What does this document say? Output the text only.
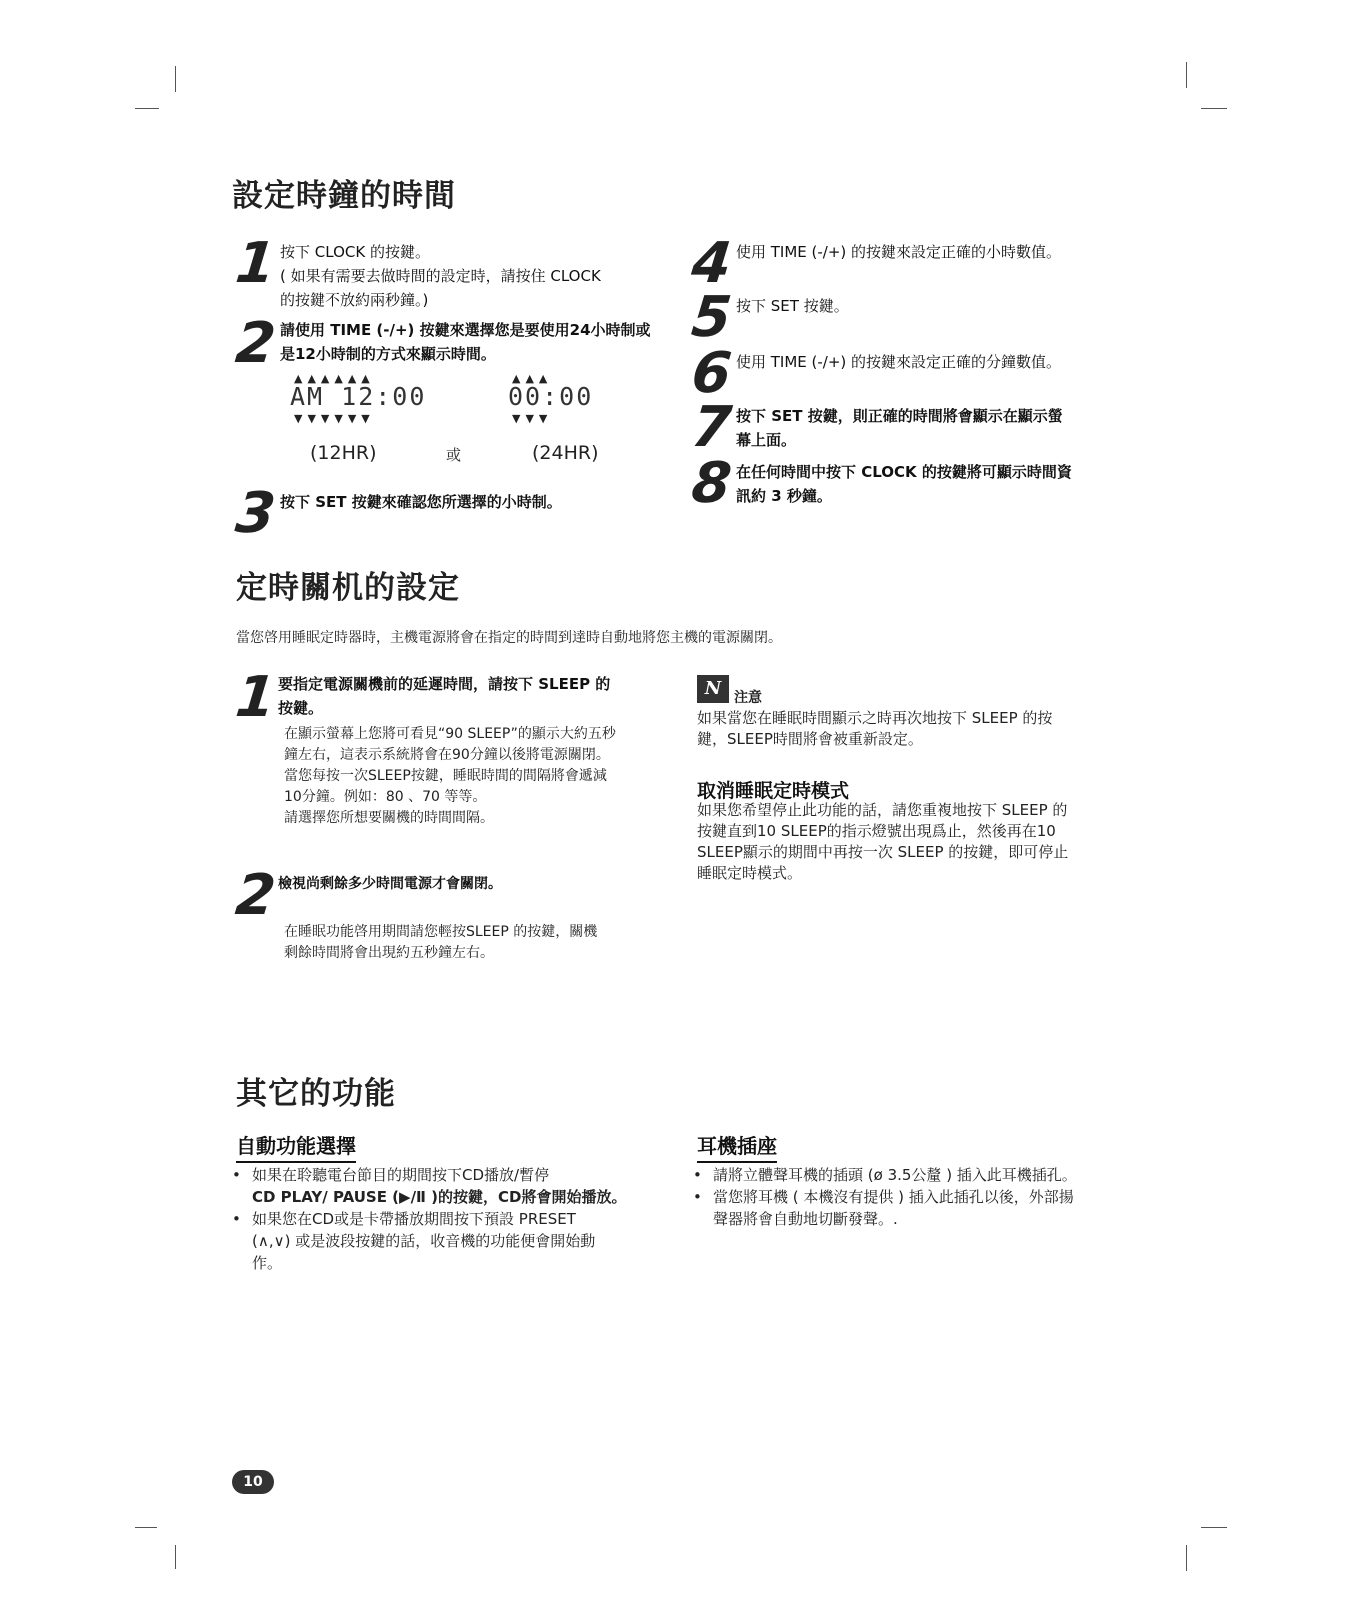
設定時鐘的時間
1 按下 CLOCK 的按鍵。
( 如果有需要去做時間的設定時，請按住 CLOCK
的按鍵不放約兩秒鐘。)
2 請使用 TIME (-/+) 按鍵來選擇您是要使用24小時制或
是12小時制的方式來顯示時間。
▲▲▲▲▲▲
AM 12:00
▼▼▼▼▼▼
▲▲▲
00:00
▼▼▼
(12HR)	或	(24HR)
3 按下 SET 按鍵來確認您所選擇的小時制。
4 使用 TIME (-/+) 的按鍵來設定正確的小時數值。
5 按下 SET 按鍵。
6 使用 TIME (-/+) 的按鍵來設定正確的分鐘數值。
7 按下 SET 按鍵，則正確的時間將會顯示在顯示螢
幕上面。
8 在任何時間中按下 CLOCK 的按鍵將可顯示時間資
訊約 3 秒鐘。
定時關机的設定
當您啓用睡眠定時器時，主機電源將會在指定的時間到達時自動地將您主機的電源關閉。
1 要指定電源關機前的延遲時間，請按下 SLEEP 的
按鍵。
在顯示螢幕上您將可看見“90 SLEEP”的顯示大約五秒
鐘左右，這表示系統將會在90分鐘以後將電源關閉。
當您每按一次SLEEP按鍵，睡眠時間的間隔將會遞減
10分鐘。例如：80 、70 等等。
請選擇您所想要關機的時間間隔。
2 檢視尚剩餘多少時間電源才會關閉。
在睡眠功能啓用期間請您輕按SLEEP 的按鍵，關機
剩餘時間將會出現約五秒鐘左右。
N 注意
如果當您在睡眠時間顯示之時再次地按下 SLEEP 的按
鍵，SLEEP時間將會被重新設定。
取消睡眠定時模式
如果您希望停止此功能的話，請您重複地按下 SLEEP 的
按鍵直到10 SLEEP的指示燈號出現爲止，然後再在10
SLEEP顯示的期間中再按一次 SLEEP 的按鍵，即可停止
睡眠定時模式。
其它的功能
自動功能選擇
• 如果在聆聽電台節目的期間按下CD播放/暫停
CD PLAY/ PAUSE (▶/Ⅱ )的按鍵，CD將會開始播放。
• 如果您在CD或是卡帶播放期間按下預設 PRESET
(∧,∨) 或是波段按鍵的話，收音機的功能便會開始動
作。
耳機插座
• 請將立體聲耳機的插頭 (ø 3.5公釐 ) 插入此耳機插孔。
• 當您將耳機 ( 本機沒有提供 ) 插入此插孔以後，外部揚
聲器將會自動地切斷發聲。.
10
